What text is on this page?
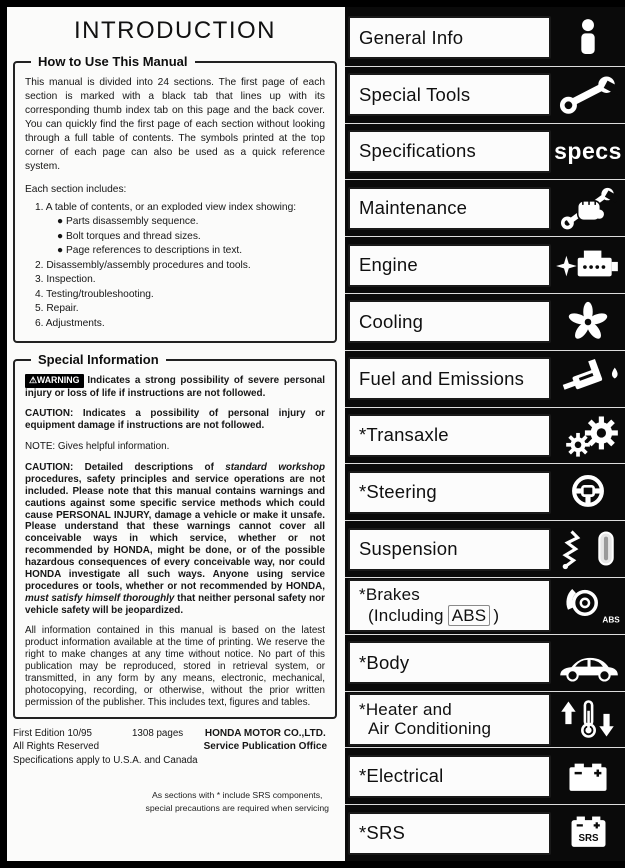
INTRODUCTION
How to Use This Manual

This manual is divided into 24 sections. The first page of each section is marked with a black tab that lines up with its corresponding thumb index tab on this page and the back cover. You can quickly find the first page of each section without looking through a full table of contents. The symbols printed at the top corner of each page can also be used as a quick reference system.

Each section includes:

1. A table of contents, or an exploded view index showing:
● Parts disassembly sequence.
● Bolt torques and thread sizes.
● Page references to descriptions in text.
2. Disassembly/assembly procedures and tools.
3. Inspection.
4. Testing/troubleshooting.
5. Repair.
6. Adjustments.
Special Information

⚠WARNING Indicates a strong possibility of severe personal injury or loss of life if instructions are not followed.

CAUTION: Indicates a possibility of personal injury or equipment damage if instructions are not followed.

NOTE: Gives helpful information.

CAUTION: Detailed descriptions of standard workshop procedures, safety principles and service operations are not included. Please note that this manual contains warnings and cautions against some specific service methods which could cause PERSONAL INJURY, damage a vehicle or make it unsafe. Please understand that these warnings cannot cover all conceivable ways in which service, whether or not recommended by HONDA, might be done, or of the possible hazardous consequences of every conceivable way, nor could HONDA investigate all such ways. Anyone using service procedures or tools, whether or not recommended by HONDA, must satisfy himself thoroughly that neither personal safety nor vehicle safety will be jeopardized.

All information contained in this manual is based on the latest product information available at the time of printing. We reserve the right to make changes at any time without notice. No part of this publication may be reproduced, stored in retrieval system, or transmitted, in any form by any means, electronic, mechanical, photocopying, recording, or otherwise, without the prior written permission of the publisher. This includes text, figures and tables.

First Edition 10/95	1308 pages
All Rights Reserved
Specifications apply to U.S.A. and Canada
HONDA MOTOR CO.,LTD.
Service Publication Office
As sections with * include SRS components,
special precautions are required when servicing
General Info
Special Tools
Specifications	specs
Maintenance
Engine
Cooling
Fuel and Emissions
*Transaxle
*Steering
Suspension
*Brakes
(Including ABS )	ABS
*Body
*Heater and
Air Conditioning
*Electrical
*SRS	SRS
